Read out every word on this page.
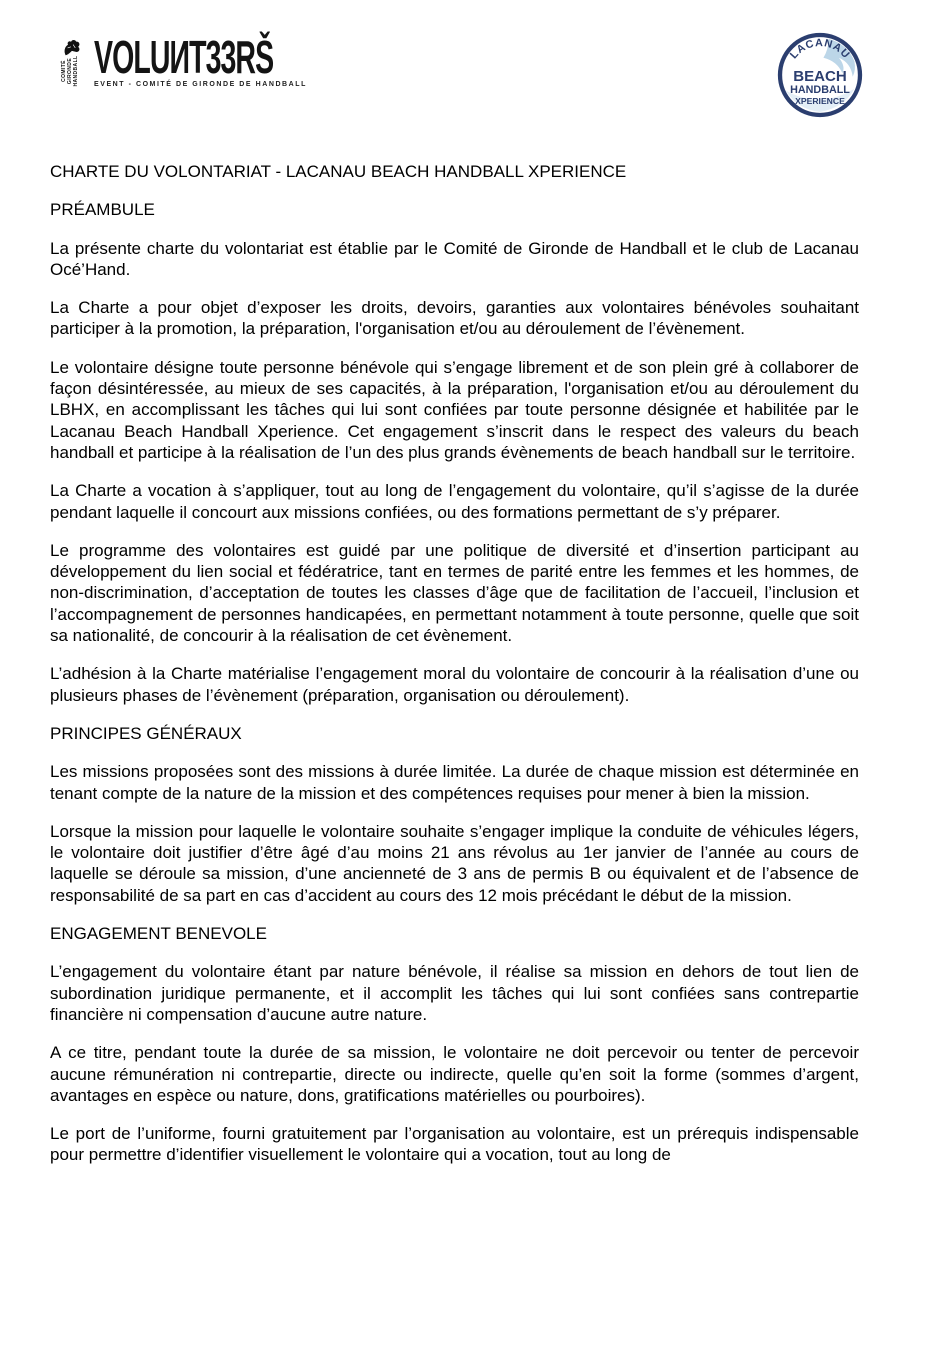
COMITÉ GIRONDE HANDBALL VOLUИT33RŠ
EVENT - COMITÉ DE GIRONDE DE HANDBALL
LACANAU
BEACH
HANDBALL
XPERIENCE
CHARTE DU VOLONTARIAT - LACANAU BEACH HANDBALL XPERIENCE
PRÉAMBULE

La présente charte du volontariat est établie par le Comité de Gironde de Handball et le club de Lacanau Océ’Hand.

La Charte a pour objet d’exposer les droits, devoirs, garanties aux volontaires bénévoles souhaitant participer à la promotion, la préparation, l'organisation et/ou au déroulement de l’évènement.

Le volontaire désigne toute personne bénévole qui s’engage librement et de son plein gré à collaborer de façon désintéressée, au mieux de ses capacités, à la préparation, l'organisation et/ou au déroulement du LBHX, en accomplissant les tâches qui lui sont confiées par toute personne désignée et habilitée par le Lacanau Beach Handball Xperience. Cet engagement s’inscrit dans le respect des valeurs du beach handball et participe à la réalisation de l’un des plus grands évènements de beach handball sur le territoire.

La Charte a vocation à s’appliquer, tout au long de l’engagement du volontaire, qu’il s’agisse de la durée pendant laquelle il concourt aux missions confiées, ou des formations permettant de s’y préparer.

Le programme des volontaires est guidé par une politique de diversité et d’insertion participant au développement du lien social et fédératrice, tant en termes de parité entre les femmes et les hommes, de non-discrimination, d’acceptation de toutes les classes d’âge que de facilitation de l’accueil, l’inclusion et l’accompagnement de personnes handicapées, en permettant notamment à toute personne, quelle que soit sa nationalité, de concourir à la réalisation de cet évènement.

L’adhésion à la Charte matérialise l’engagement moral du volontaire de concourir à la réalisation d’une ou plusieurs phases de l’évènement (préparation, organisation ou déroulement).

PRINCIPES GÉNÉRAUX

Les missions proposées sont des missions à durée limitée. La durée de chaque mission est déterminée en tenant compte de la nature de la mission et des compétences requises pour mener à bien la mission.

Lorsque la mission pour laquelle le volontaire souhaite s’engager implique la conduite de véhicules légers, le volontaire doit justifier d’être âgé d’au moins 21 ans révolus au 1er janvier de l’année au cours de laquelle se déroule sa mission, d’une ancienneté de 3 ans de permis B ou équivalent et de l’absence de responsabilité de sa part en cas d’accident au cours des 12 mois précédant le début de la mission.

ENGAGEMENT BENEVOLE

L’engagement du volontaire étant par nature bénévole, il réalise sa mission en dehors de tout lien de subordination juridique permanente, et il accomplit les tâches qui lui sont confiées sans contrepartie financière ni compensation d’aucune autre nature.

A ce titre, pendant toute la durée de sa mission, le volontaire ne doit percevoir ou tenter de percevoir aucune rémunération ni contrepartie, directe ou indirecte, quelle qu’en soit la forme (sommes d’argent, avantages en espèce ou nature, dons, gratifications matérielles ou pourboires).

Le port de l’uniforme, fourni gratuitement par l’organisation au volontaire, est un prérequis indispensable pour permettre d’identifier visuellement le volontaire qui a vocation, tout au long de
